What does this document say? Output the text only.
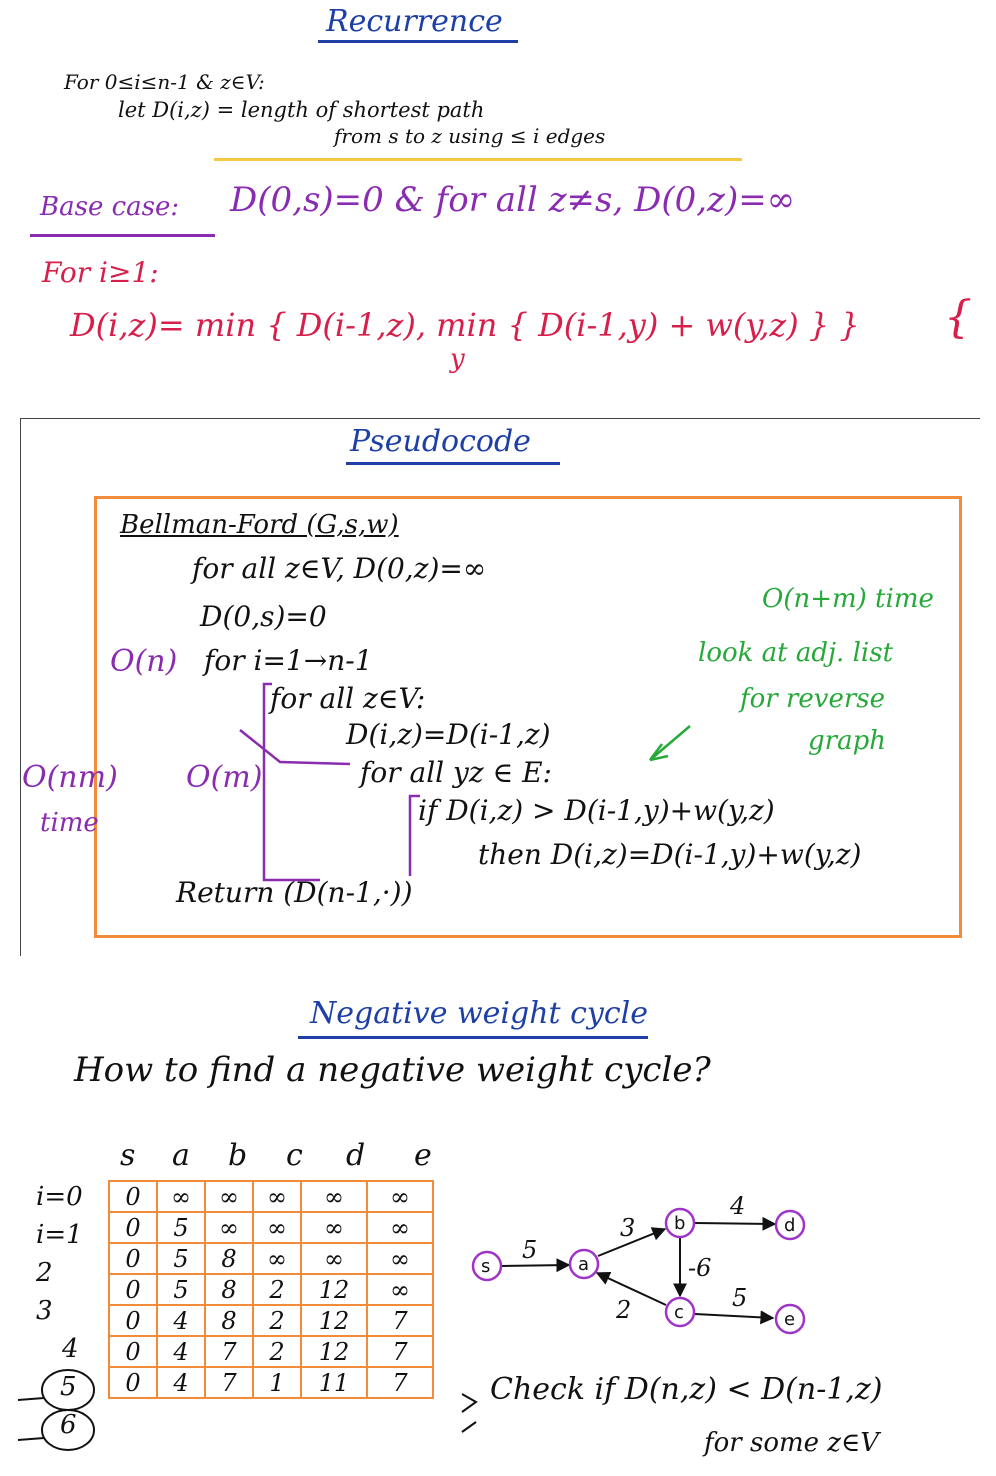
Recurrence
For 0≤i≤n-1 & z∈V:
let D(i,z) = length of shortest path
from s to z using ≤ i edges
Base case: D(0,s)=0 & for all z≠s, D(0,z)=∞
For i≥1:
D(i,z)= min { D(i-1,z), min { D(i-1,y) + w(y,z) } }
y
{
Pseudocode
Bellman-Ford (G,s,w)
for all z∈V, D(0,z)=∞
D(0,s)=0
for i=1→n-1
for all z∈V:
D(i,z)=D(i-1,z)
for all yz ∈ E:
if D(i,z) > D(i-1,y)+w(y,z)
then D(i,z)=D(i-1,y)+w(y,z)
Return (D(n-1,·))
O(n)
O(m)
O(nm)
time
O(n+m) time
look at adj. list
for reverse
graph
Negative weight cycle
How to find a negative weight cycle?
s a b c d e
i=0
i=1
2
3
4
5
6
0	∞	∞	∞	∞	∞
0	5	∞	∞	∞	∞
0	5	8	∞	∞	∞
0	5	8	2	12	∞
0	4	8	2	12	7
0	4	7	2	12	7
0	4	7	1	11	7
5
3
4
-6
2	5
s	a
b
c
d
e
Check if D(n,z) < D(n-1,z)
for some z∈V
